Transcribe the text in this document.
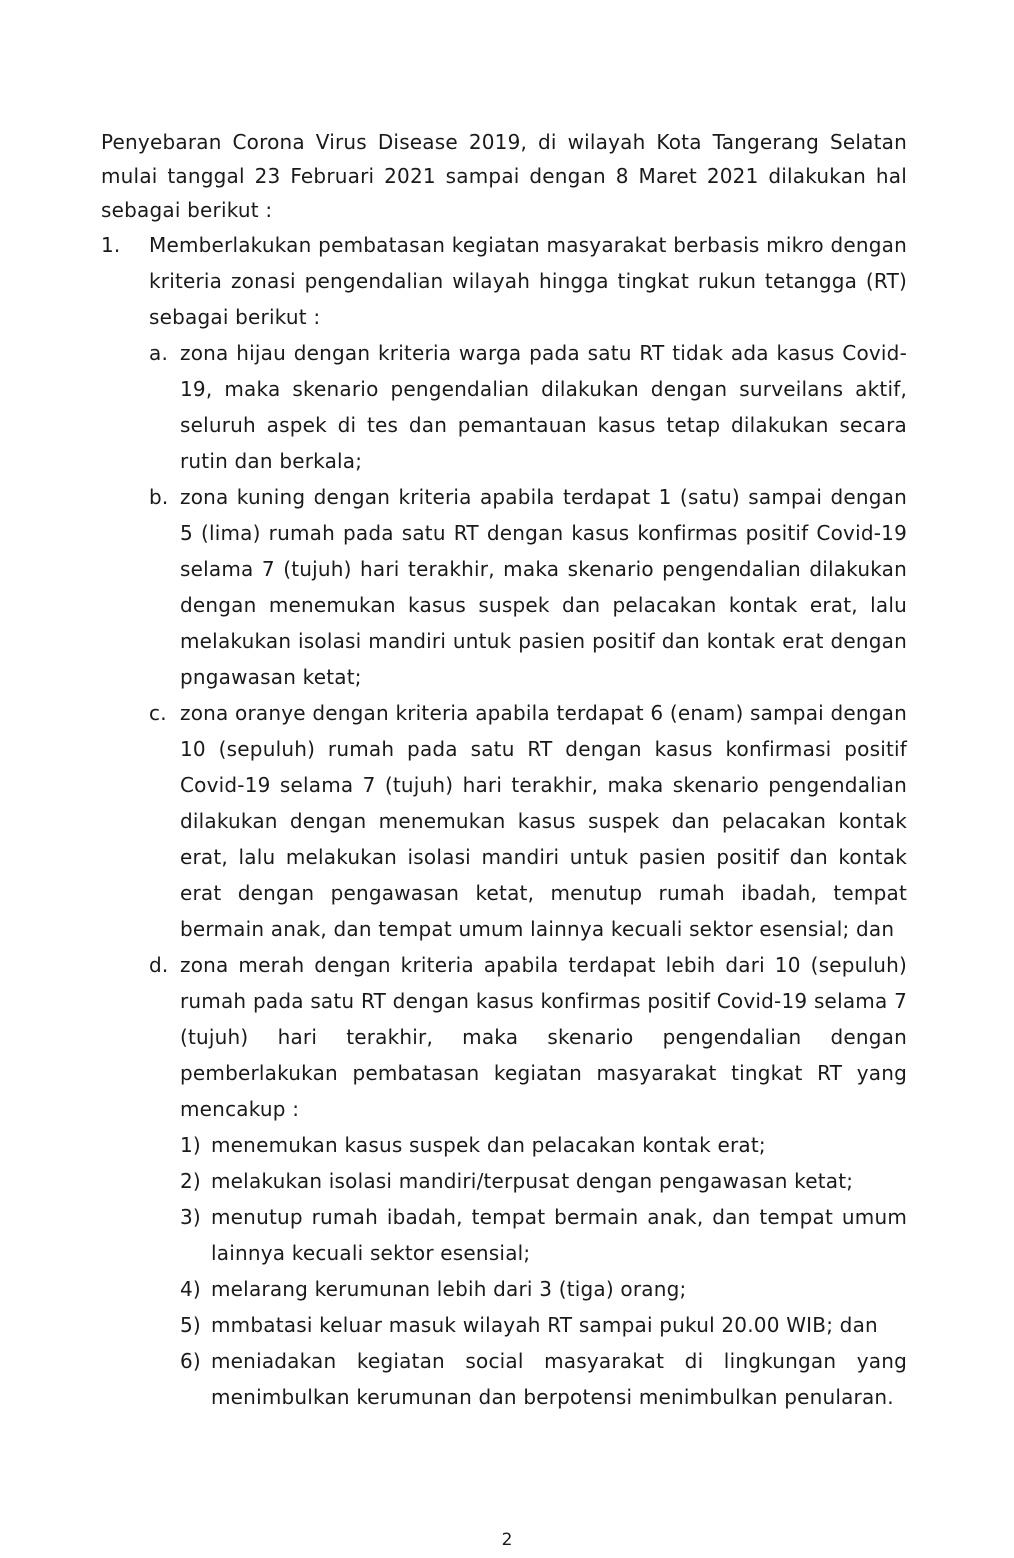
Penyebaran Corona Virus Disease 2019, di wilayah Kota Tangerang Selatan mulai tanggal 23 Februari 2021 sampai dengan 8 Maret 2021 dilakukan hal sebagai berikut :

1. Memberlakukan pembatasan kegiatan masyarakat berbasis mikro dengan kriteria zonasi pengendalian wilayah hingga tingkat rukun tetangga (RT) sebagai berikut :
a. zona hijau dengan kriteria warga pada satu RT tidak ada kasus Covid-19, maka skenario pengendalian dilakukan dengan surveilans aktif, seluruh aspek di tes dan pemantauan kasus tetap dilakukan secara rutin dan berkala;
b. zona kuning dengan kriteria apabila terdapat 1 (satu) sampai dengan 5 (lima) rumah pada satu RT dengan kasus konfirmas positif Covid-19 selama 7 (tujuh) hari terakhir, maka skenario pengendalian dilakukan dengan menemukan kasus suspek dan pelacakan kontak erat, lalu melakukan isolasi mandiri untuk pasien positif dan kontak erat dengan pngawasan ketat;
c. zona oranye dengan kriteria apabila terdapat 6 (enam) sampai dengan 10 (sepuluh) rumah pada satu RT dengan kasus konfirmasi positif Covid-19 selama 7 (tujuh) hari terakhir, maka skenario pengendalian dilakukan dengan menemukan kasus suspek dan pelacakan kontak erat, lalu melakukan isolasi mandiri untuk pasien positif dan kontak erat dengan pengawasan ketat, menutup rumah ibadah, tempat bermain anak, dan tempat umum lainnya kecuali sektor esensial; dan
d. zona merah dengan kriteria apabila terdapat lebih dari 10 (sepuluh) rumah pada satu RT dengan kasus konfirmas positif Covid-19 selama 7 (tujuh) hari terakhir, maka skenario pengendalian dengan pemberlakukan pembatasan kegiatan masyarakat tingkat RT yang mencakup :
1) menemukan kasus suspek dan pelacakan kontak erat;
2) melakukan isolasi mandiri/terpusat dengan pengawasan ketat;
3) menutup rumah ibadah, tempat bermain anak, dan tempat umum lainnya kecuali sektor esensial;
4) melarang kerumunan lebih dari 3 (tiga) orang;
5) mmbatasi keluar masuk wilayah RT sampai pukul 20.00 WIB; dan
6) meniadakan kegiatan social masyarakat di lingkungan yang menimbulkan kerumunan dan berpotensi menimbulkan penularan.
2
